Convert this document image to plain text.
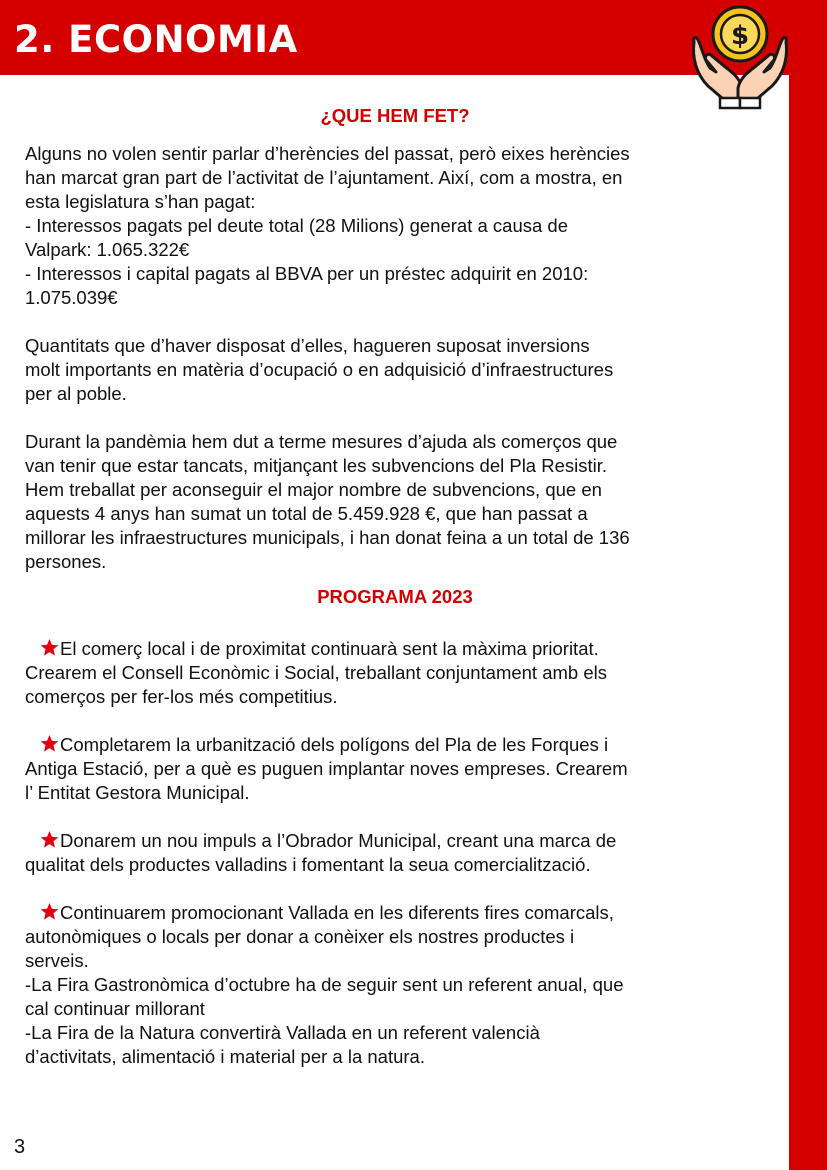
2. ECONOMIA	$
¿QUE HEM FET?
Alguns no volen sentir parlar d’herències del passat, però eixes herències
han marcat gran part de l’activitat de l’ajuntament. Així, com a mostra, en
esta legislatura s’han pagat:
- Interessos pagats pel deute total (28 Milions) generat a causa de
Valpark: 1.065.322€
- Interessos i capital pagats al BBVA per un préstec adquirit en 2010:
1.075.039€
Quantitats que d’haver disposat d’elles, hagueren suposat inversions
molt importants en matèria d’ocupació o en adquisició d’infraestructures
per al poble.
Durant la pandèmia hem dut a terme mesures d’ajuda als comerços que
van tenir que estar tancats, mitjançant les subvencions del Pla Resistir.
Hem treballat per aconseguir el major nombre de subvencions, que en
aquests 4 anys han sumat un total de 5.459.928 €, que han passat a
millorar les infraestructures municipals, i han donat feina a un total de 136
persones.
PROGRAMA 2023
El comerç local i de proximitat continuarà sent la màxima prioritat.
Crearem el Consell Econòmic i Social, treballant conjuntament amb els
comerços per fer-los més competitius.
Completarem la urbanització dels polígons del Pla de les Forques i
Antiga Estació, per a què es puguen implantar noves empreses. Crearem
l’ Entitat Gestora Municipal.
Donarem un nou impuls a l’Obrador Municipal, creant una marca de
qualitat dels productes valladins i fomentant la seua comercialització.
Continuarem promocionant Vallada en les diferents fires comarcals,
autonòmiques o locals per donar a conèixer els nostres productes i
serveis.
-La Fira Gastronòmica d’octubre ha de seguir sent un referent anual, que
cal continuar millorant
-La Fira de la Natura convertirà Vallada en un referent valencià
d’activitats, alimentació i material per a la natura.
3
